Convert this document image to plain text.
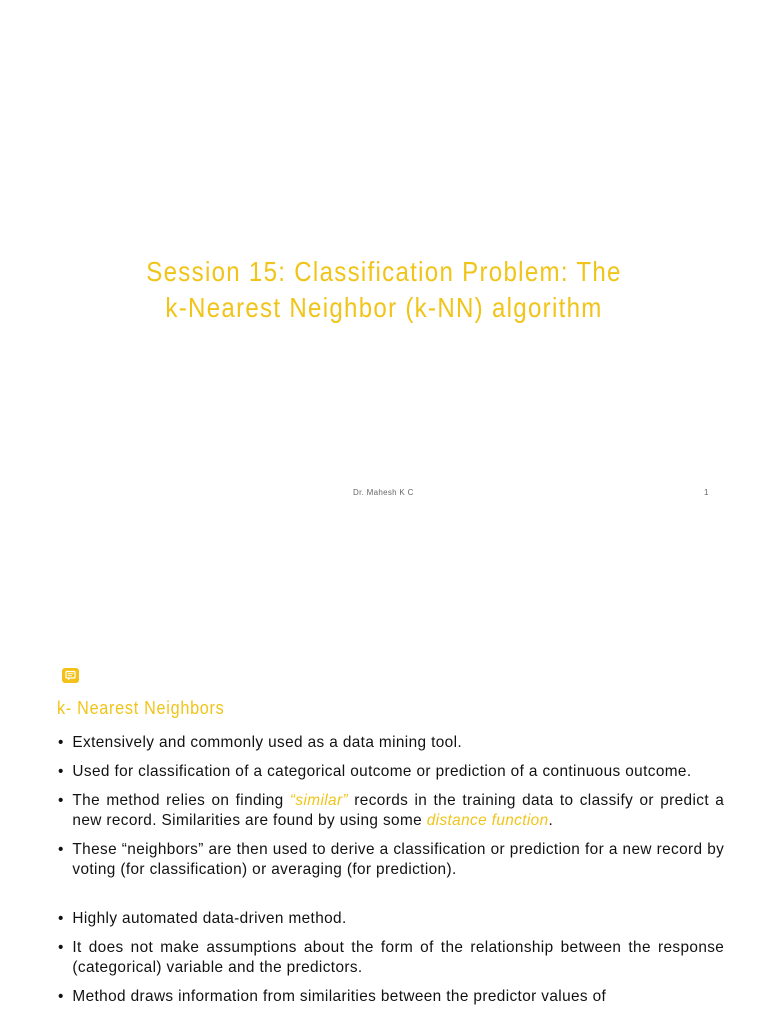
Session 15: Classification Problem: The
k-Nearest Neighbor (k-NN) algorithm
Dr. Mahesh K C	1
k- Nearest Neighbors
• Extensively and commonly used as a data mining tool.
• Used for classification of a categorical outcome or prediction of a continuous outcome.
• The method relies on finding “similar” records in the training data to classify or predict a new record. Similarities are found by using some distance function.
• These “neighbors” are then used to derive a classification or prediction for a new record by voting (for classification) or averaging (for prediction).
• Highly automated data-driven method.
• It does not make assumptions about the form of the relationship between the response (categorical) variable and the predictors.
• Method draws information from similarities between the predictor values of
